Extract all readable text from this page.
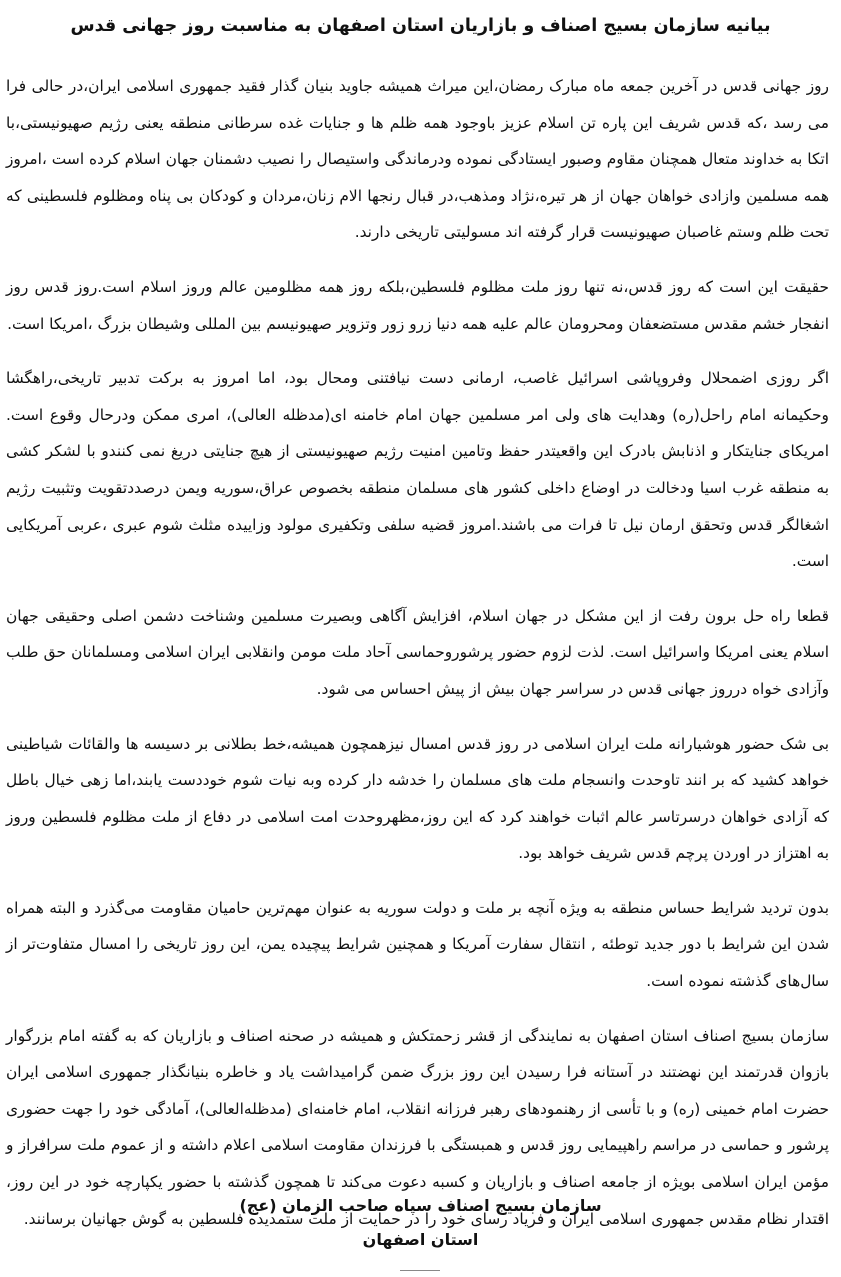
بیانیه سازمان بسیج اصناف و بازاریان استان اصفهان به مناسبت روز جهانی قدس

روز جهانی قدس در آخرین جمعه ماه مبارک رمضان،این میراث همیشه جاوید بنیان گذار فقید جمهوری اسلامی ایران،در حالی فرا می رسد ،که قدس شریف این پاره تن اسلام عزیز باوجود همه ظلم ها و جنایات غده سرطانی منطقه یعنی رژیم صهیونیستی،با اتکا به خداوند متعال همچنان مقاوم وصبور ایستادگی نموده ودرماندگی واستیصال را نصیب دشمنان جهان اسلام کرده است ،امروز همه مسلمین وازادی خواهان جهان از هر تیره،نژاد ومذهب،در قبال رنجها الام زنان،مردان و کودکان بی پناه ومظلوم فلسطینی که تحت ظلم وستم غاصبان صهیونیست قرار گرفته اند مسولیتی تاریخی دارند.

حقیقت این است که روز قدس،نه تنها روز ملت مظلوم فلسطین،بلکه روز همه مظلومین عالم وروز اسلام است.روز قدس روز انفجار خشم مقدس مستضعفان ومحرومان عالم علیه همه دنیا زرو زور وتزویر صهیونیسم بین المللی وشیطان بزرگ ،امریکا است.

اگر روزی اضمحلال وفروپاشی اسرائیل غاصب، ارمانی دست نیافتنی ومحال بود، اما امروز به برکت تدبیر تاریخی،راهگشا وحکیمانه امام راحل(ره) وهدایت های ولی امر مسلمین جهان امام خامنه ای(مدظله العالی)، امری ممکن ودرحال وقوع است. امریکای جنایتکار و اذنابش بادرک این واقعیتدر حفظ وتامین امنیت رژیم صهیونیستی از هیچ جنایتی دریغ نمی کنندو با لشکر کشی به منطقه غرب اسیا ودخالت در اوضاع داخلی کشور های مسلمان منطقه بخصوص عراق،سوریه ویمن درصددتقویت وتثبیت رژیم اشغالگر قدس وتحقق ارمان نیل تا فرات می باشند.امروز قضیه سلفی وتکفیری مولود وزاییده مثلث شوم عبری ،عربی آمریکایی است.

قطعا راه حل برون رفت از این مشکل در جهان اسلام، افزایش آگاهی وبصیرت مسلمین وشناخت دشمن اصلی وحقیقی جهان اسلام یعنی امریکا واسرائیل است. لذت لزوم حضور پرشوروحماسی آحاد ملت مومن وانقلابی ایران اسلامی ومسلمانان حق طلب وآزادی خواه درروز جهانی قدس در سراسر جهان بیش از پیش احساس می شود.

بی شک حضور هوشیارانه ملت ایران اسلامی در روز قدس امسال نیزهمچون همیشه،خط بطلانی بر دسیسه ها والقائات شیاطینی خواهد کشید که بر انند تاوحدت وانسجام ملت های مسلمان را خدشه دار کرده وبه نیات شوم خوددست یابند،اما زهی خیال باطل که آزادی خواهان درسرتاسر عالم اثبات خواهند کرد که این روز،مظهروحدت امت اسلامی در دفاع از ملت مظلوم فلسطین وروز به اهتزاز در اوردن پرچم قدس شریف خواهد بود.

بدون تردید شرایط حساس منطقه به ویژه آنچه بر ملت و دولت سوریه به عنوان مهم‌ترین حامیان مقاومت می‌گذرد و البته همراه شدن این شرایط با دور جدید توطئه , انتقال سفارت آمریکا و همچنین شرایط پیچیده یمن، این روز تاریخی را امسال متفاوت‌تر از سال‌های گذشته نموده است.

سازمان بسیج اصناف استان اصفهان به نمایندگی از قشر زحمتکش و همیشه در صحنه اصناف و بازاریان که به گفته امام بزرگوار بازوان قدرتمند این نهضتند در آستانه فرا رسیدن این روز بزرگ ضمن گرامیداشت یاد و خاطره بنیانگذار جمهوری اسلامی ایران حضرت امام خمینی (ره) و با تأسی از رهنمودهای رهبر فرزانه انقلاب، امام خامنه‌ای (مدظله‌العالی)، آمادگی خود را جهت حضوری پرشور و حماسی در مراسم راهپیمایی روز قدس و همبستگی با فرزندان مقاومت اسلامی اعلام داشته و از عموم ملت سرافراز و مؤمن ایران اسلامی بویژه از جامعه اصناف و بازاریان و کسبه دعوت می‌کند تا همچون گذشته با حضور یکپارچه خود در این روز، اقتدار نظام مقدس جمهوری اسلامی ایران و فریاد رسای خود را در حمایت از ملت ستمدیده فلسطین به گوش جهانیان برسانند.

سازمان بسیج اصناف سپاه صاحب الزمان (عج)
استان اصفهان
